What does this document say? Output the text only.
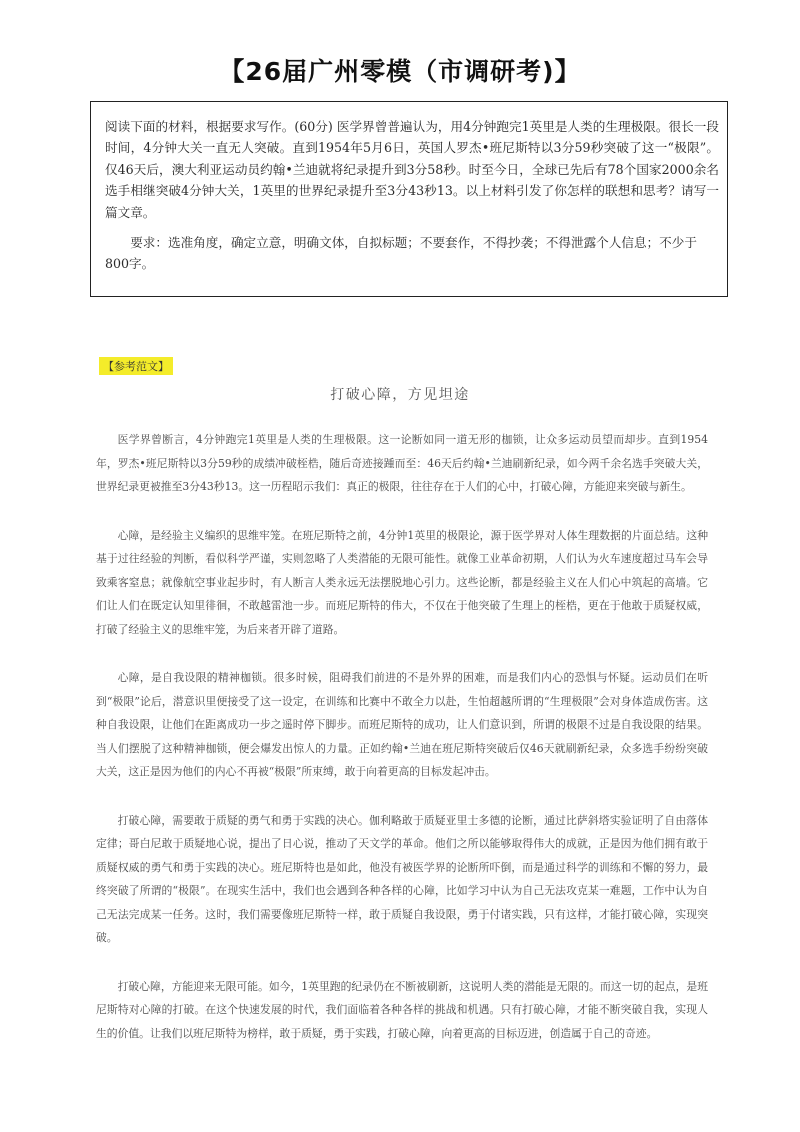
【26届广州零模（市调研考)】

阅读下面的材料，根据要求写作。(60分) 医学界曾普遍认为，用4分钟跑完1英里是人类的生理极限。很长一段时间，4分钟大关一直无人突破。直到1954年5月6日，英国人罗杰•班尼斯特以3分59秒突破了这一“极限”。仅46天后，澳大利亚运动员约翰•兰迪就将纪录提升到3分58秒。时至今日，全球已先后有78个国家2000余名选手相继突破4分钟大关，1英里的世界纪录提升至3分43秒13。以上材料引发了你怎样的联想和思考？请写一篇文章。

要求：选准角度，确定立意，明确文体，自拟标题；不要套作，不得抄袭；不得泄露个人信息；不少于800字。

【参考范文】
打破心障，方见坦途

医学界曾断言，4分钟跑完1英里是人类的生理极限。这一论断如同一道无形的枷锁，让众多运动员望而却步。直到1954年，罗杰•班尼斯特以3分59秒的成绩冲破桎梏，随后奇迹接踵而至：46天后约翰•兰迪刷新纪录，如今两千余名选手突破大关，世界纪录更被推至3分43秒13。这一历程昭示我们：真正的极限，往往存在于人们的心中，打破心障，方能迎来突破与新生。

心障，是经验主义编织的思维牢笼。在班尼斯特之前，4分钟1英里的极限论，源于医学界对人体生理数据的片面总结。这种基于过往经验的判断，看似科学严谨，实则忽略了人类潜能的无限可能性。就像工业革命初期，人们认为火车速度超过马车会导致乘客窒息；就像航空事业起步时，有人断言人类永远无法摆脱地心引力。这些论断，都是经验主义在人们心中筑起的高墙。它们让人们在既定认知里徘徊，不敢越雷池一步。而班尼斯特的伟大，不仅在于他突破了生理上的桎梏，更在于他敢于质疑权威，打破了经验主义的思维牢笼，为后来者开辟了道路。

心障，是自我设限的精神枷锁。很多时候，阻碍我们前进的不是外界的困难，而是我们内心的恐惧与怀疑。运动员们在听到“极限”论后，潜意识里便接受了这一设定，在训练和比赛中不敢全力以赴，生怕超越所谓的“生理极限”会对身体造成伤害。这种自我设限，让他们在距离成功一步之遥时停下脚步。而班尼斯特的成功，让人们意识到，所谓的极限不过是自我设限的结果。当人们摆脱了这种精神枷锁，便会爆发出惊人的力量。正如约翰•兰迪在班尼斯特突破后仅46天就刷新纪录，众多选手纷纷突破大关，这正是因为他们的内心不再被“极限”所束缚，敢于向着更高的目标发起冲击。

打破心障，需要敢于质疑的勇气和勇于实践的决心。伽利略敢于质疑亚里士多德的论断，通过比萨斜塔实验证明了自由落体定律；哥白尼敢于质疑地心说，提出了日心说，推动了天文学的革命。他们之所以能够取得伟大的成就，正是因为他们拥有敢于质疑权威的勇气和勇于实践的决心。班尼斯特也是如此，他没有被医学界的论断所吓倒，而是通过科学的训练和不懈的努力，最终突破了所谓的“极限”。在现实生活中，我们也会遇到各种各样的心障，比如学习中认为自己无法攻克某一难题，工作中认为自己无法完成某一任务。这时，我们需要像班尼斯特一样，敢于质疑自我设限，勇于付诸实践，只有这样，才能打破心障，实现突破。

打破心障，方能迎来无限可能。如今，1英里跑的纪录仍在不断被刷新，这说明人类的潜能是无限的。而这一切的起点，是班尼斯特对心障的打破。在这个快速发展的时代，我们面临着各种各样的挑战和机遇。只有打破心障，才能不断突破自我，实现人生的价值。让我们以班尼斯特为榜样，敢于质疑，勇于实践，打破心障，向着更高的目标迈进，创造属于自己的奇迹。
